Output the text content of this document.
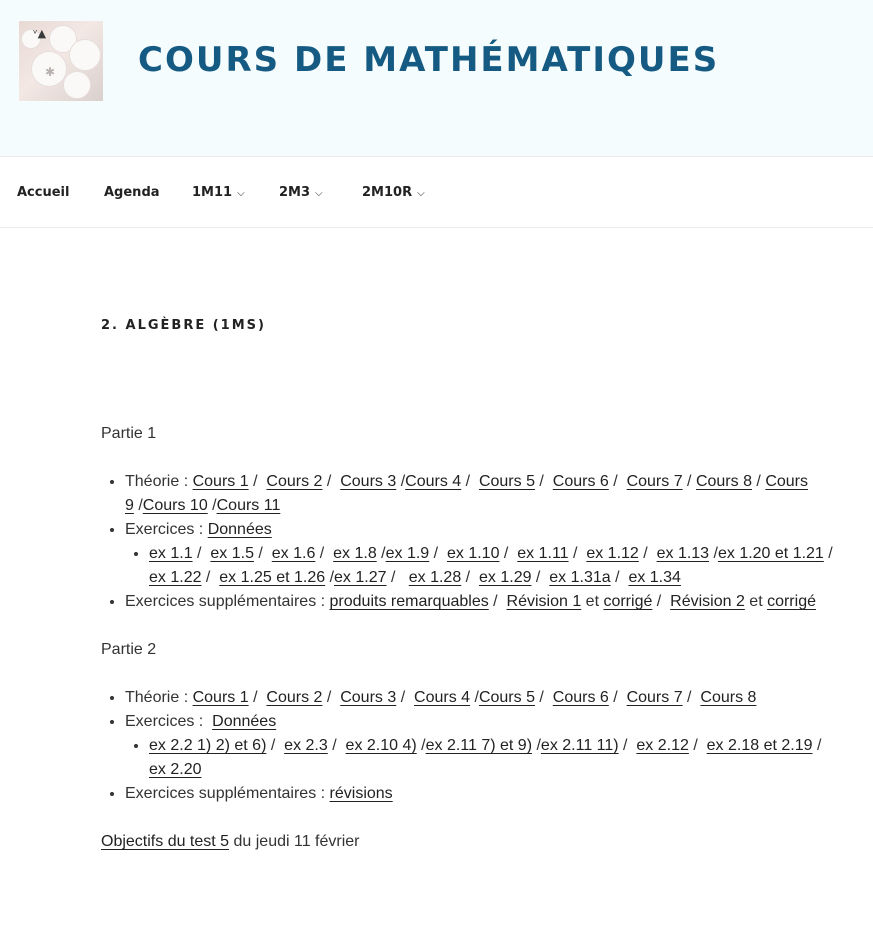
✱
ᵛ▲
COURS DE MATHÉMATIQUES
Accueil	Agenda 1M11 ⌵	2M3 ⌵	2M10R ⌵
2. ALGÈBRE (1MS)

Partie 1

• Théorie : Cours 1 /  Cours 2 /  Cours 3 /Cours 4 /  Cours 5 /  Cours 6 /  Cours 7 / Cours 8 / Cours 9 /Cours 10 /Cours 11
• Exercices : Données
• ex 1.1 /  ex 1.5 /  ex 1.6 /  ex 1.8 /ex 1.9 /  ex 1.10 /  ex 1.11 /  ex 1.12 /  ex 1.13 /ex 1.20 et 1.21 / ex 1.22 /  ex 1.25 et 1.26 /ex 1.27 /   ex 1.28 /  ex 1.29 /  ex 1.31a /  ex 1.34
• Exercices supplémentaires : produits remarquables /  Révision 1 et corrigé /  Révision 2 et corrigé

Partie 2

• Théorie : Cours 1 /  Cours 2 /  Cours 3 /  Cours 4 /Cours 5 /  Cours 6 /  Cours 7 /  Cours 8
• Exercices :  Données
• ex 2.2 1) 2) et 6) /  ex 2.3 /  ex 2.10 4) /ex 2.11 7) et 9) /ex 2.11 11) /  ex 2.12 /  ex 2.18 et 2.19 / ex 2.20
• Exercices supplémentaires : révisions

Objectifs du test 5 du jeudi 11 février
